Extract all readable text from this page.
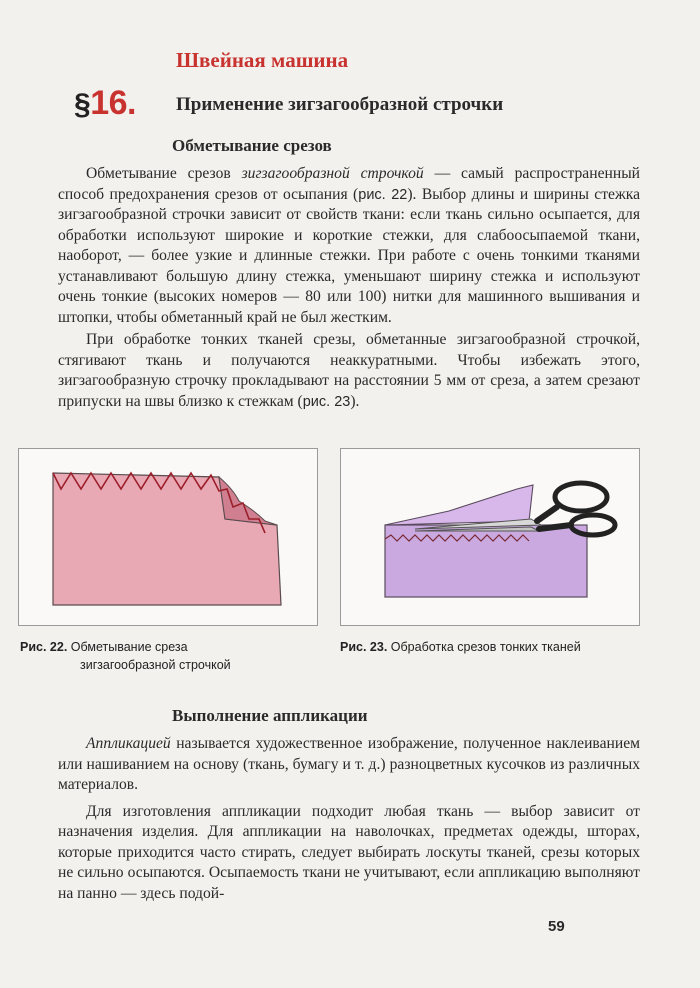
Швейная машина
§16. Применение зигзагообразной строчки
Обметывание срезов

Обметывание срезов зигзагообразной строчкой — самый распространенный способ предохранения срезов от осыпания (рис. 22). Выбор длины и ширины стежка зигзагообразной строчки зависит от свойств ткани: если ткань сильно осыпается, для обработки используют широкие и короткие стежки, для слабоосыпаемой ткани, наоборот, — более узкие и длинные стежки. При работе с очень тонкими тканями устанавливают большую длину стежка, уменьшают ширину стежка и используют очень тонкие (высоких номеров — 80 или 100) нитки для машинного вышивания и штопки, чтобы обметанный край не был жестким.

При обработке тонких тканей срезы, обметанные зигзагообразной строчкой, стягивают ткань и получаются неаккуратными. Чтобы избежать этого, зигзагообразную строчку прокладывают на расстоянии 5 мм от среза, а затем срезают припуски на швы близко к стежкам (рис. 23).

Рис. 22. Обметывание среза
зигзагообразной строчкой
Рис. 23. Обработка срезов тонких тканей
Выполнение аппликации

Аппликацией называется художественное изображение, полученное наклеиванием или нашиванием на основу (ткань, бумагу и т. д.) разноцветных кусочков из различных материалов.

Для изготовления аппликации подходит любая ткань — выбор зависит от назначения изделия. Для аппликации на наволочках, предметах одежды, шторах, которые приходится часто стирать, следует выбирать лоскуты тканей, срезы которых не сильно осыпаются. Осыпаемость ткани не учитывают, если аппликацию выполняют на панно — здесь подой-

59
